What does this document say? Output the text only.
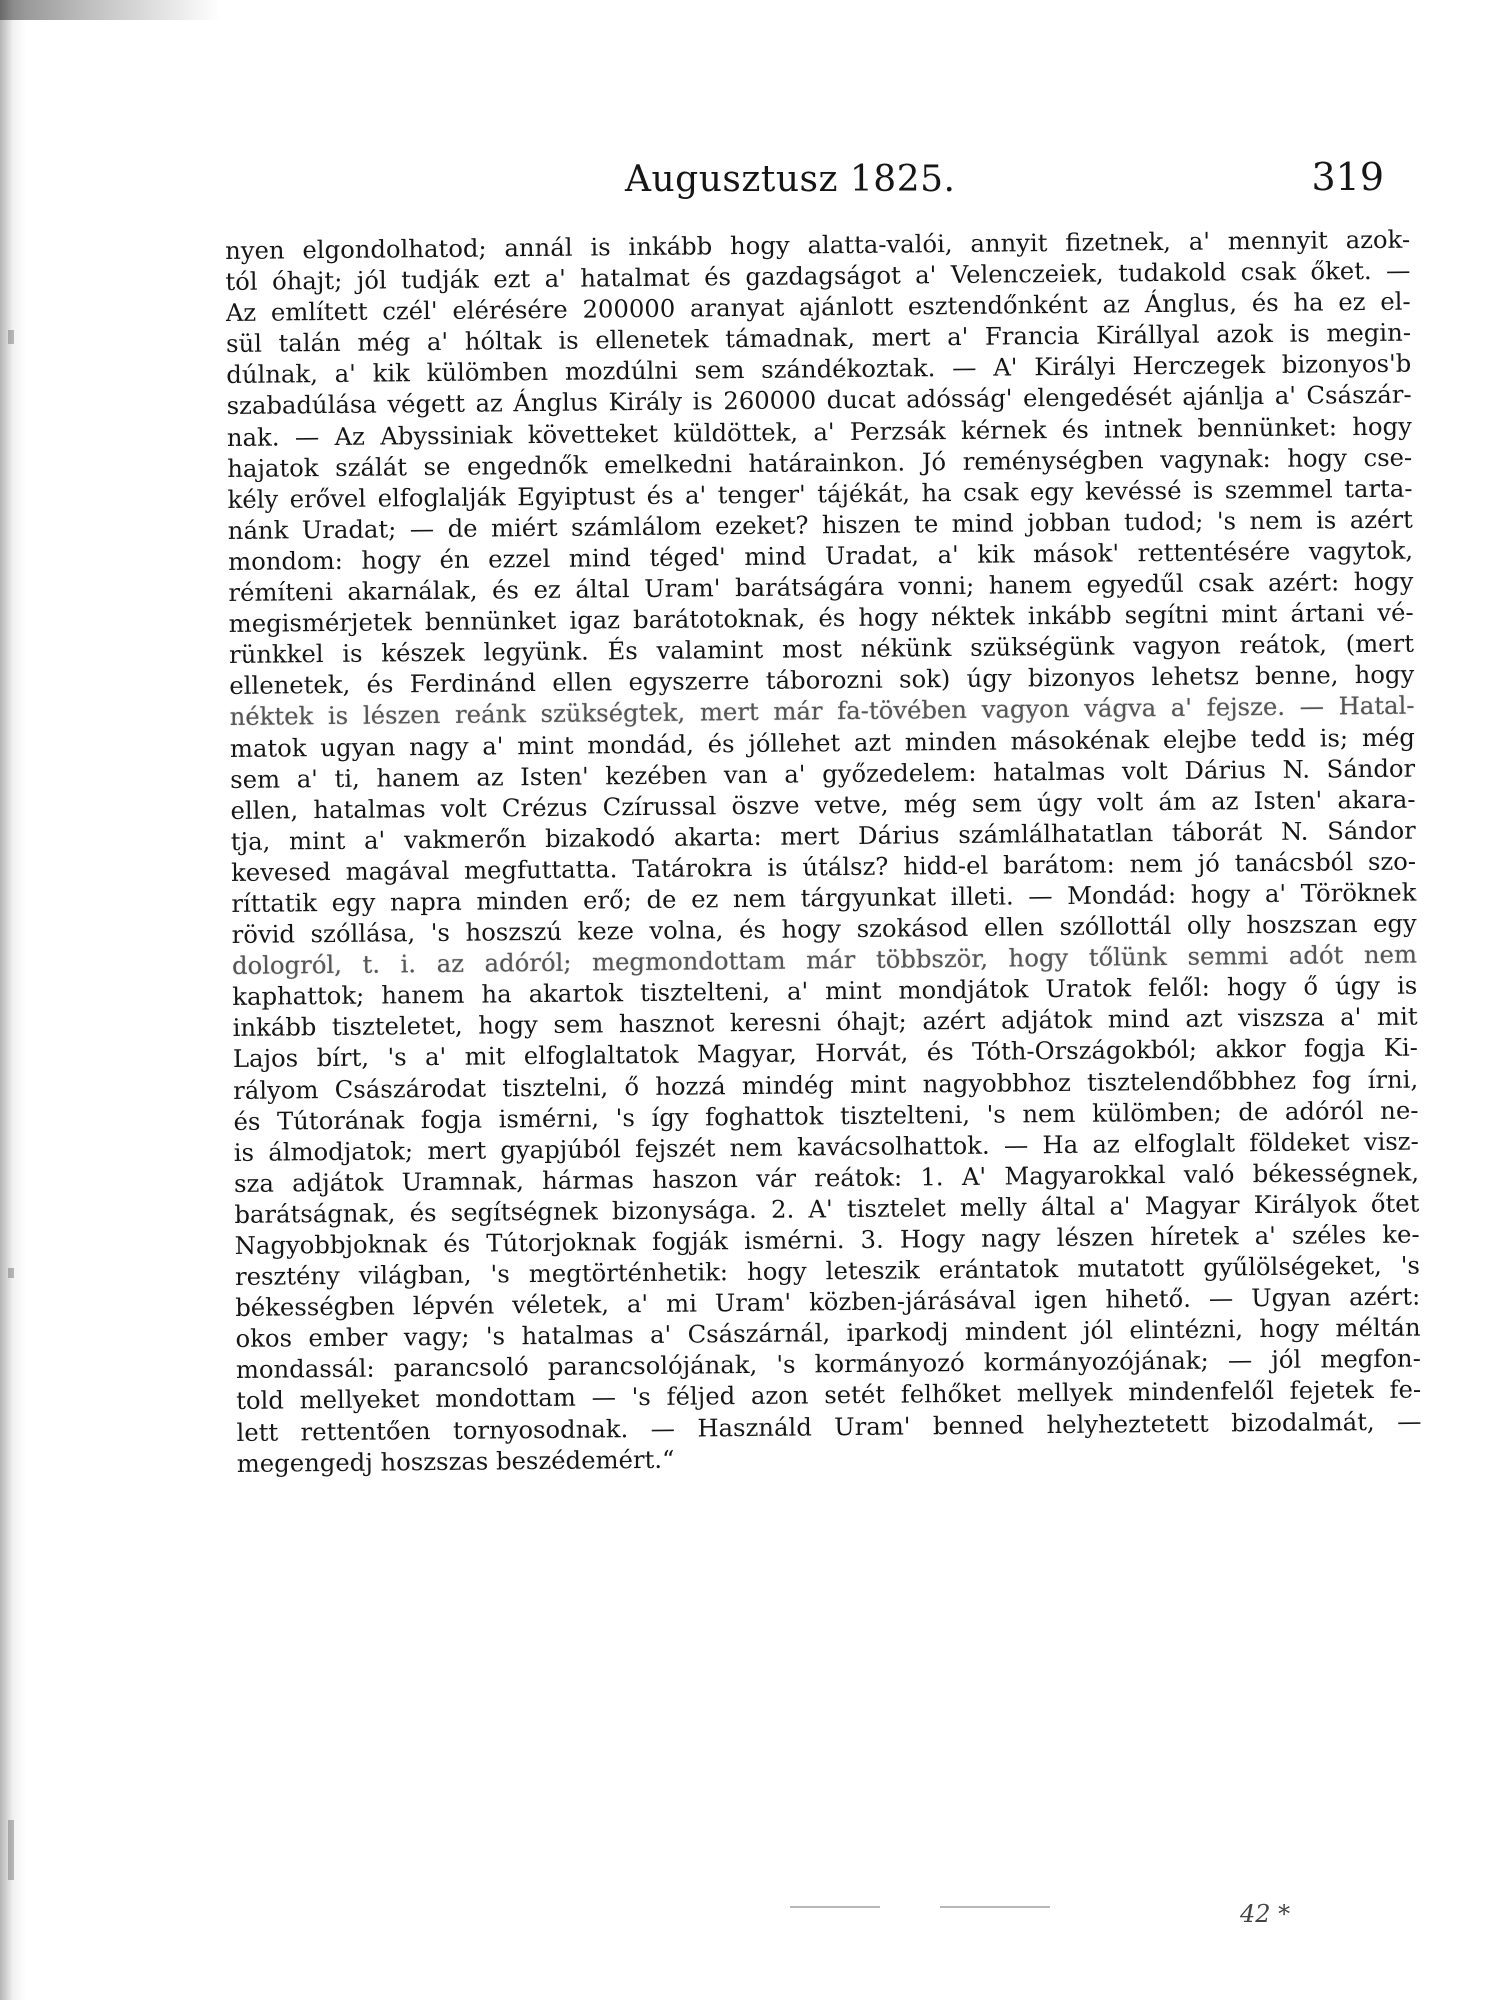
Augusztusz 1825.	319
nyen elgondolhatod; annál is inkább hogy alatta-valói, annyit fizetnek, a' mennyit azok-
tól óhajt; jól tudják ezt a' hatalmat és gazdagságot a' Velenczeiek, tudakold csak őket. —
Az említett czél' elérésére 200000 aranyat ajánlott esztendőnként az Ánglus, és ha ez el-
sül talán még a' hóltak is ellenetek támadnak, mert a' Francia Királlyal azok is megin-
dúlnak, a' kik külömben mozdúlni sem szándékoztak. — A' Királyi Herczegek bizonyos'b
szabadúlása végett az Ánglus Király is 260000 ducat adósság' elengedését ajánlja a' Császár-
nak. — Az Abyssiniak követteket küldöttek, a' Perzsák kérnek és intnek bennünket: hogy
hajatok szálát se engednők emelkedni határainkon. Jó reménységben vagynak: hogy cse-
kély erővel elfoglalják Egyiptust és a' tenger' tájékát, ha csak egy kevéssé is szemmel tarta-
nánk Uradat; — de miért számlálom ezeket? hiszen te mind jobban tudod; 's nem is azért
mondom: hogy én ezzel mind téged' mind Uradat, a' kik mások' rettentésére vagytok,
rémíteni akarnálak, és ez által Uram' barátságára vonni; hanem egyedűl csak azért: hogy
megismérjetek bennünket igaz barátotoknak, és hogy néktek inkább segítni mint ártani vé-
rünkkel is készek legyünk. És valamint most nékünk szükségünk vagyon reátok, (mert
ellenetek, és Ferdinánd ellen egyszerre táborozni sok) úgy bizonyos lehetsz benne, hogy
néktek is lészen reánk szükségtek, mert már fa-tövében vagyon vágva a' fejsze. — Hatal-
matok ugyan nagy a' mint mondád, és jóllehet azt minden másokénak elejbe tedd is; még
sem a' ti, hanem az Isten' kezében van a' győzedelem: hatalmas volt Dárius N. Sándor
ellen, hatalmas volt Crézus Czírussal öszve vetve, még sem úgy volt ám az Isten' akara-
tja, mint a' vakmerőn bizakodó akarta: mert Dárius számlálhatatlan táborát N. Sándor
kevesed magával megfuttatta. Tatárokra is útálsz? hidd-el barátom: nem jó tanácsból szo-
ríttatik egy napra minden erő; de ez nem tárgyunkat illeti. — Mondád: hogy a' Töröknek
rövid szóllása, 's hoszszú keze volna, és hogy szokásod ellen szóllottál olly hoszszan egy
dologról, t. i. az adóról; megmondottam már többször, hogy tőlünk semmi adót nem
kaphattok; hanem ha akartok tisztelteni, a' mint mondjátok Uratok felől: hogy ő úgy is
inkább tiszteletet, hogy sem hasznot keresni óhajt; azért adjátok mind azt viszsza a' mit
Lajos bírt, 's a' mit elfoglaltatok Magyar, Horvát, és Tóth-Országokból; akkor fogja Ki-
rályom Császárodat tisztelni, ő hozzá mindég mint nagyobbhoz tisztelendőbbhez fog írni,
és Tútorának fogja ismérni, 's így foghattok tisztelteni, 's nem külömben; de adóról ne-
is álmodjatok; mert gyapjúból fejszét nem kavácsolhattok. — Ha az elfoglalt földeket visz-
sza adjátok Uramnak, hármas haszon vár reátok: 1. A' Magyarokkal való békességnek,
barátságnak, és segítségnek bizonysága. 2. A' tisztelet melly által a' Magyar Királyok őtet
Nagyobbjoknak és Tútorjoknak fogják ismérni. 3. Hogy nagy lészen híretek a' széles ke-
resztény világban, 's megtörténhetik: hogy leteszik erántatok mutatott gyűlölségeket, 's
békességben lépvén véletek, a' mi Uram' közben-járásával igen hihető. — Ugyan azért:
okos ember vagy; 's hatalmas a' Császárnál, iparkodj mindent jól elintézni, hogy méltán
mondassál: parancsoló parancsolójának, 's kormányozó kormányozójának; — jól megfon-
told mellyeket mondottam — 's féljed azon setét felhőket mellyek mindenfelől fejetek fe-
lett rettentően tornyosodnak. — Használd Uram' benned helyheztetett bizodalmát, —
megengedj hoszszas beszédemért.“
42 *
